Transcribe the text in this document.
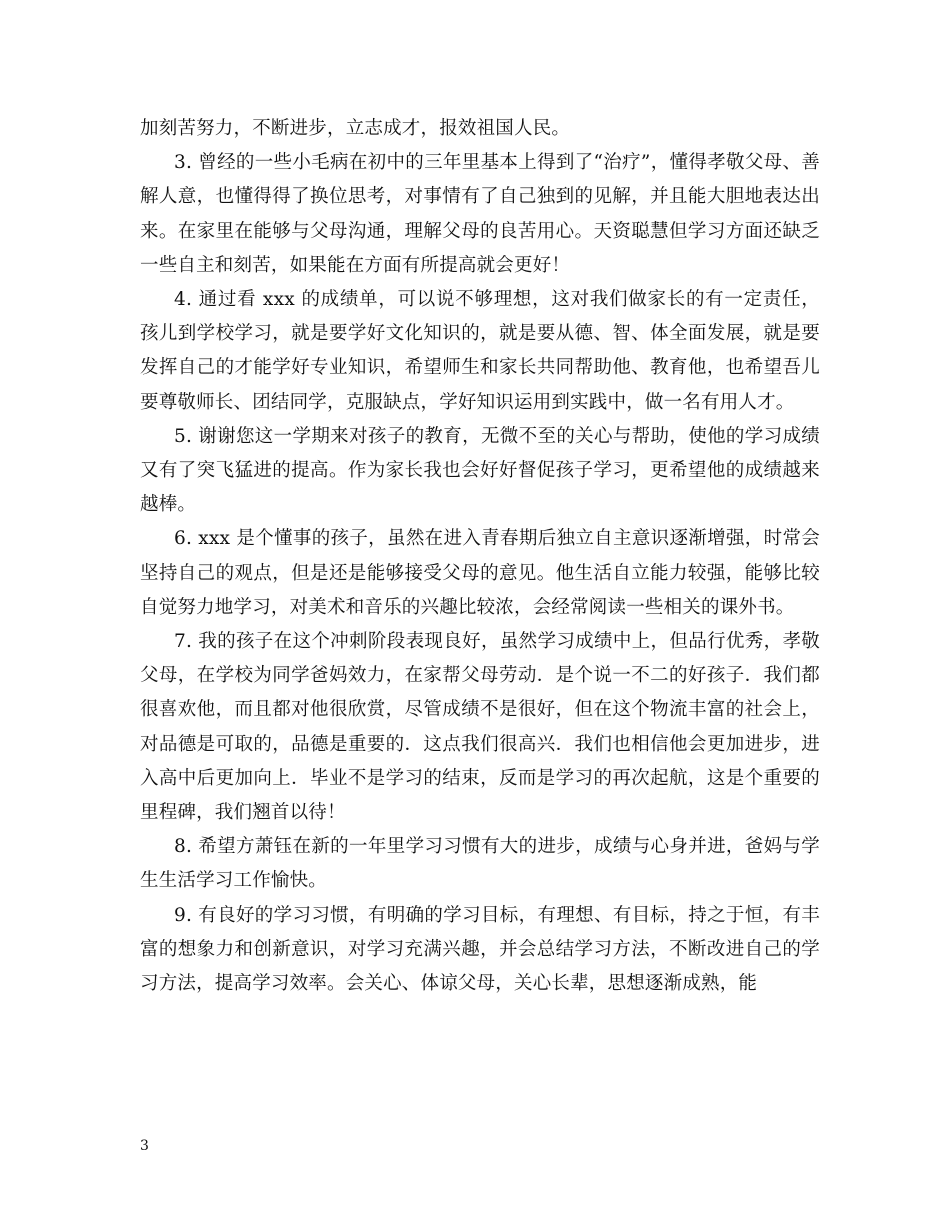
加刻苦努力，不断进步，立志成才，报效祖国人民。

3. 曾经的一些小毛病在初中的三年里基本上得到了“治疗”，懂得孝敬父母、善解人意，也懂得得了换位思考，对事情有了自己独到的见解，并且能大胆地表达出来。在家里在能够与父母沟通，理解父母的良苦用心。天资聪慧但学习方面还缺乏一些自主和刻苦，如果能在方面有所提高就会更好！

4. 通过看 xxx 的成绩单，可以说不够理想，这对我们做家长的有一定责任，孩儿到学校学习，就是要学好文化知识的，就是要从德、智、体全面发展，就是要发挥自己的才能学好专业知识，希望师生和家长共同帮助他、教育他，也希望吾儿要尊敬师长、团结同学，克服缺点，学好知识运用到实践中，做一名有用人才。

5. 谢谢您这一学期来对孩子的教育，无微不至的关心与帮助，使他的学习成绩又有了突飞猛进的提高。作为家长我也会好好督促孩子学习，更希望他的成绩越来越棒。

6. xxx 是个懂事的孩子，虽然在进入青春期后独立自主意识逐渐增强，时常会坚持自己的观点，但是还是能够接受父母的意见。他生活自立能力较强，能够比较自觉努力地学习，对美术和音乐的兴趣比较浓，会经常阅读一些相关的课外书。

7. 我的孩子在这个冲刺阶段表现良好，虽然学习成绩中上，但品行优秀，孝敬父母，在学校为同学爸妈效力，在家帮父母劳动．是个说一不二的好孩子．我们都很喜欢他，而且都对他很欣赏，尽管成绩不是很好，但在这个物流丰富的社会上，对品德是可取的，品德是重要的．这点我们很高兴．我们也相信他会更加进步，进入高中后更加向上．毕业不是学习的结束，反而是学习的再次起航，这是个重要的里程碑，我们翘首以待！

8. 希望方萧钰在新的一年里学习习惯有大的进步，成绩与心身并进，爸妈与学生生活学习工作愉快。

9. 有良好的学习习惯，有明确的学习目标，有理想、有目标，持之于恒，有丰富的想象力和创新意识，对学习充满兴趣，并会总结学习方法，不断改进自己的学习方法，提高学习效率。会关心、体谅父母，关心长辈，思想逐渐成熟，能

3
